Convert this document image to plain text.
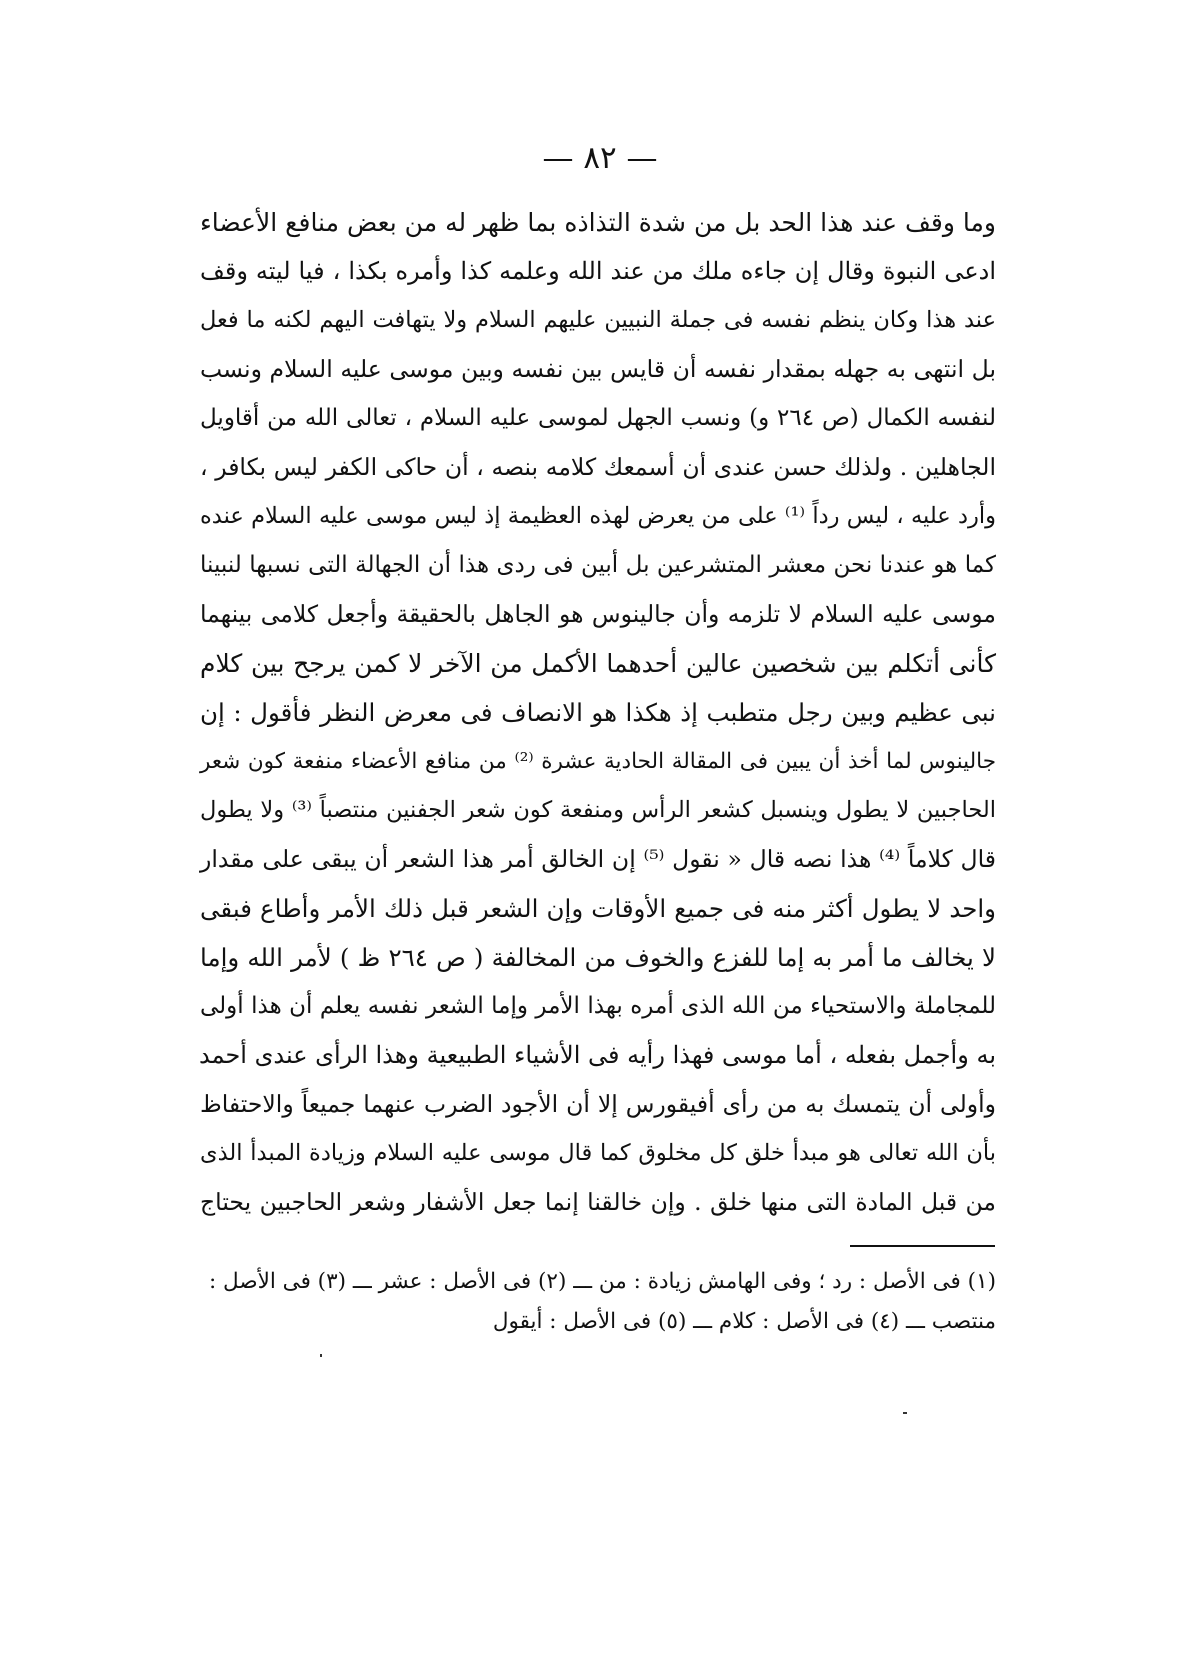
— ٨٢ —
وما وقف عند هذا الحد بل من شدة التذاذه بما ظهر له من بعض منافع الأعضاء
ادعى النبوة وقال إن جاءه ملك من عند الله وعلمه كذا وأمره بكذا ، فيا ليته وقف
عند هذا وكان ينظم نفسه فى جملة النبيين عليهم السلام ولا يتهافت اليهم لكنه ما فعل
بل انتهى به جهله بمقدار نفسه أن قايس بين نفسه وبين موسى عليه السلام ونسب
لنفسه الكمال (ص ٢٦٤ و) ونسب الجهل لموسى عليه السلام ، تعالى الله من أقاويل
الجاهلين . ولذلك حسن عندى أن أسمعك كلامه بنصه ، أن حاكى الكفر ليس بكافر ،
وأرد عليه ، ليس رداً ⁽¹⁾ على من يعرض لهذه العظيمة إذ ليس موسى عليه السلام عنده
كما هو عندنا نحن معشر المتشرعين بل أبين فى ردى هذا أن الجهالة التى نسبها لنبينا
موسى عليه السلام لا تلزمه وأن جالينوس هو الجاهل بالحقيقة وأجعل كلامى بينهما
كأنى أتكلم بين شخصين عالين أحدهما الأكمل من الآخر لا كمن يرجح بين كلام
نبى عظيم وبين رجل متطبب إذ هكذا هو الانصاف فى معرض النظر فأقول : إن
جالينوس لما أخذ أن يبين فى المقالة الحادية عشرة ⁽²⁾ من منافع الأعضاء منفعة كون شعر
الحاجبين لا يطول وينسبل كشعر الرأس ومنفعة كون شعر الجفنين منتصباً ⁽³⁾ ولا يطول
قال كلاماً ⁽⁴⁾ هذا نصه قال « نقول ⁽⁵⁾ إن الخالق أمر هذا الشعر أن يبقى على مقدار
واحد لا يطول أكثر منه فى جميع الأوقات وإن الشعر قبل ذلك الأمر وأطاع فبقى
لا يخالف ما أمر به إما للفزع والخوف من المخالفة ( ص ٢٦٤ ظ ) لأمر الله وإما
للمجاملة والاستحياء من الله الذى أمره بهذا الأمر وإما الشعر نفسه يعلم أن هذا أولى
به وأجمل بفعله ، أما موسى فهذا رأيه فى الأشياء الطبيعية وهذا الرأى عندى أحمد
وأولى أن يتمسك به من رأى أفيقورس إلا أن الأجود الضرب عنهما جميعاً والاحتفاظ
بأن الله تعالى هو مبدأ خلق كل مخلوق كما قال موسى عليه السلام وزيادة المبدأ الذى
من قبل المادة التى منها خلق . وإن خالقنا إنما جعل الأشفار وشعر الحاجبين يحتاج
(١) فى الأصل : رد ؛ وفى الهامش زيادة : من ـــ (٢) فى الأصل : عشر ـــ (٣) فى الأصل :
منتصب ـــ (٤) فى الأصل : كلام ـــ (٥) فى الأصل : أيقول
